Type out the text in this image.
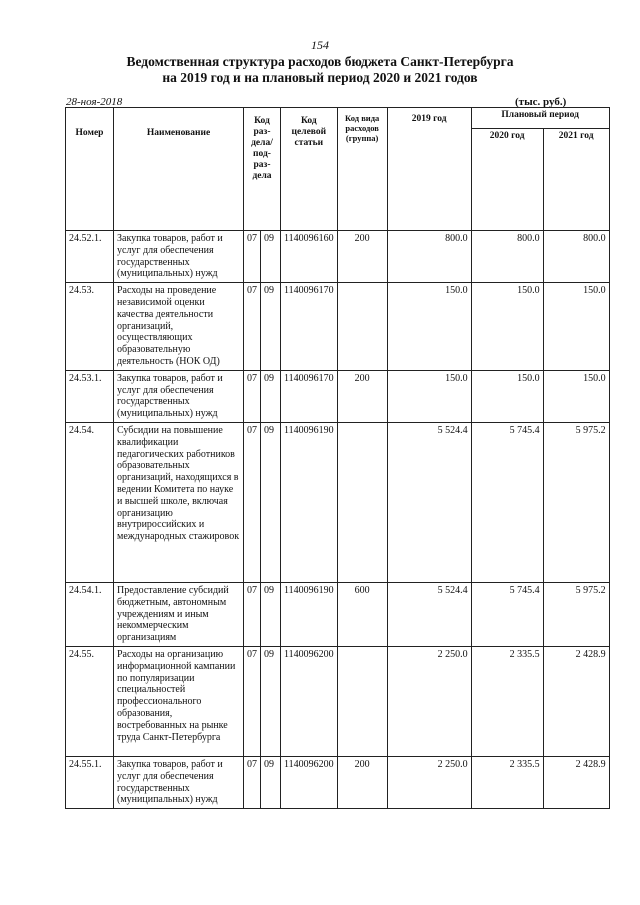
154
Ведомственная структура расходов бюджета Санкт-Петербурга
на 2019 год и на плановый период 2020 и 2021 годов
28-ноя-2018	(тыс. руб.)
Номер	Наименование	Код раз-дела/ под-раз-дела		Код целевой статьи	Код вида расходов (группа)	2019 год	Плановый период	
							2020 год	2021 год
24.52.1.	Закупка товаров, работ и услуг для обеспечения государственных (муниципальных) нужд	07	09	1140096160	200	800.0	800.0	800.0
24.53.	Расходы на проведение независимой оценки качества деятельности организаций, осуществляющих образовательную деятельность (НОК ОД)	07	09	1140096170		150.0	150.0	150.0
24.53.1.	Закупка товаров, работ и услуг для обеспечения государственных (муниципальных) нужд	07	09	1140096170	200	150.0	150.0	150.0
24.54.	Субсидии на повышение квалификации педагогических работников образовательных организаций, находящихся в ведении Комитета по науке и высшей школе, включая организацию внутрироссийских и международных стажировок	07	09	1140096190		5 524.4	5 745.4	5 975.2
24.54.1.	Предоставление субсидий бюджетным, автономным учреждениям и иным некоммерческим организациям	07	09	1140096190	600	5 524.4	5 745.4	5 975.2
24.55.	Расходы на организацию информационной кампании по популяризации специальностей профессионального образования, востребованных на рынке труда Санкт-Петербурга	07	09	1140096200		2 250.0	2 335.5	2 428.9
24.55.1.	Закупка товаров, работ и услуг для обеспечения государственных (муниципальных) нужд	07	09	1140096200	200	2 250.0	2 335.5	2 428.9
